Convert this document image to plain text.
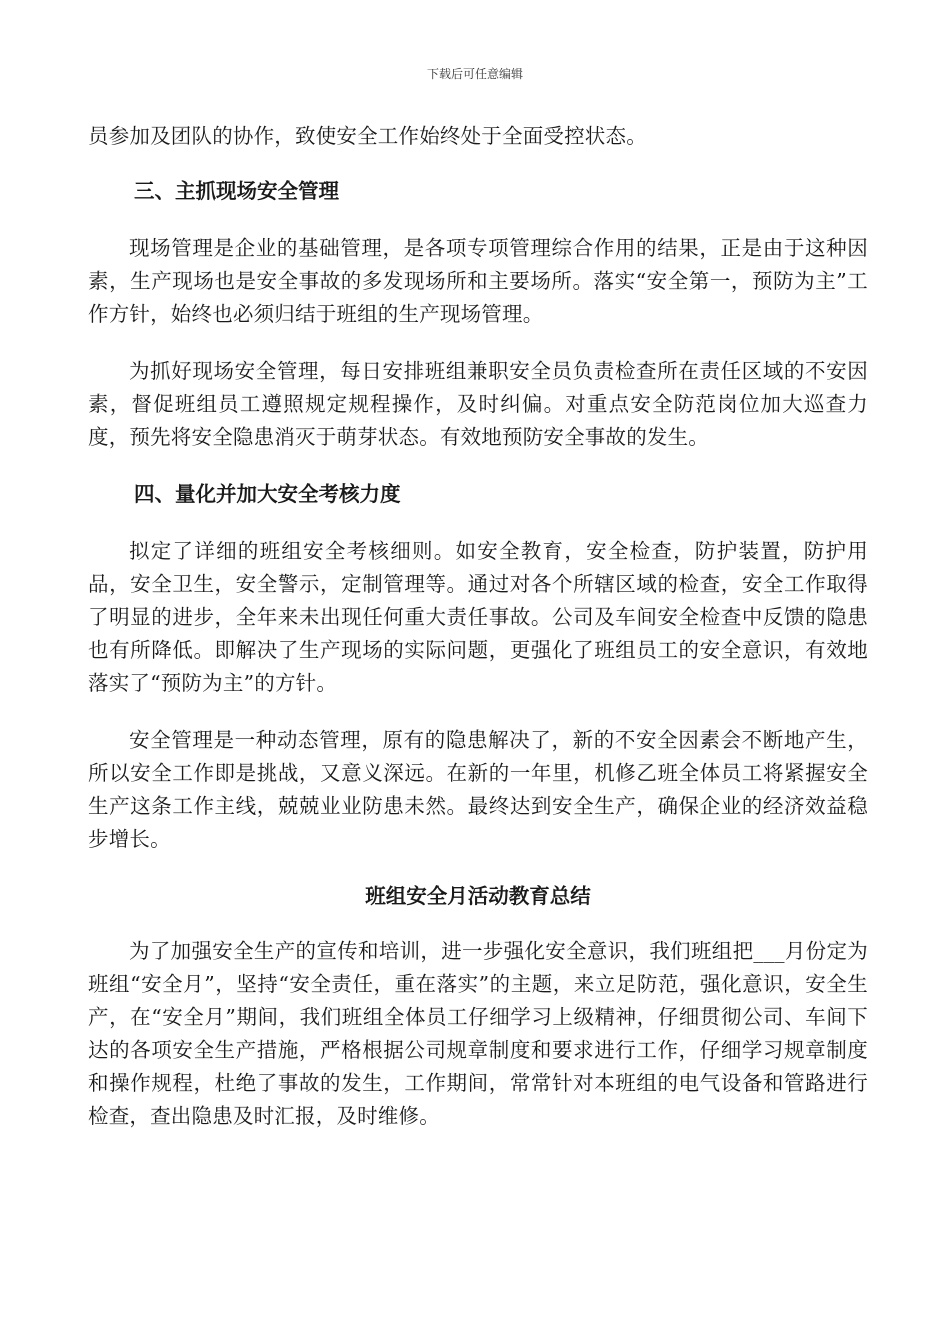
下载后可任意编辑

员参加及团队的协作，致使安全工作始终处于全面受控状态。

三、主抓现场安全管理

现场管理是企业的基础管理，是各项专项管理综合作用的结果，正是由于这种因素，生产现场也是安全事故的多发现场所和主要场所。落实“安全第一，预防为主”工作方针，始终也必须归结于班组的生产现场管理。

为抓好现场安全管理，每日安排班组兼职安全员负责检查所在责任区域的不安因素，督促班组员工遵照规定规程操作，及时纠偏。对重点安全防范岗位加大巡查力度，预先将安全隐患消灭于萌芽状态。有效地预防安全事故的发生。

四、量化并加大安全考核力度

拟定了详细的班组安全考核细则。如安全教育，安全检查，防护装置，防护用品，安全卫生，安全警示，定制管理等。通过对各个所辖区域的检查，安全工作取得了明显的进步，全年来未出现任何重大责任事故。公司及车间安全检查中反馈的隐患也有所降低。即解决了生产现场的实际问题，更强化了班组员工的安全意识，有效地落实了“预防为主”的方针。

安全管理是一种动态管理，原有的隐患解决了，新的不安全因素会不断地产生，所以安全工作即是挑战，又意义深远。在新的一年里，机修乙班全体员工将紧握安全生产这条工作主线，兢兢业业防患未然。最终达到安全生产，确保企业的经济效益稳步增长。

班组安全月活动教育总结

为了加强安全生产的宣传和培训，进一步强化安全意识，我们班组把___月份定为班组“安全月”，坚持“安全责任，重在落实”的主题，来立足防范，强化意识，安全生产，在“安全月”期间，我们班组全体员工仔细学习上级精神，仔细贯彻公司、车间下达的各项安全生产措施，严格根据公司规章制度和要求进行工作，仔细学习规章制度和操作规程，杜绝了事故的发生，工作期间，常常针对本班组的电气设备和管路进行检查，查出隐患及时汇报，及时维修。
